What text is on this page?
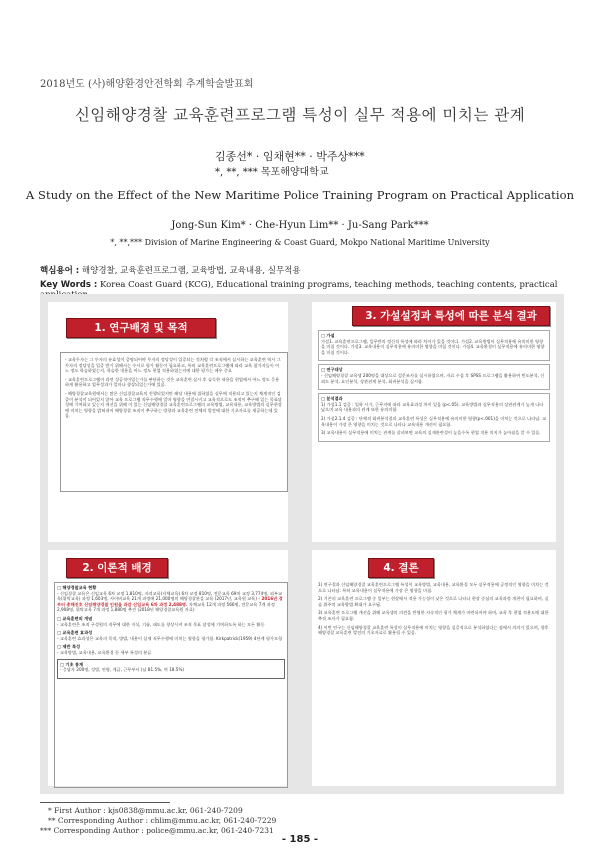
2018년도 (사)해양환경안전학회 추계학술발표회
신임해양경찰 교육훈련프로그램 특성이 실무 적용에 미치는 관계
김종선* · 임채현** · 박주상***
*, **, *** 목포해양대학교
A Study on the Effect of the New Maritime Police Training Program on Practical Application
Jong-Sun Kim* · Che-Hyun Lim** · Ju-Sang Park***
*, **,*** Division of Marine Engineering & Coast Guard, Mokpo National Maritime University
핵심용어 : 해양경찰, 교육훈련프로그램, 교육방법, 교육내용, 실무적용
Key Words : Korea Coast Guard (KCG), Educational training programs, teaching methods, teaching contents, practical
1. 연구배경 및 목적

- 교육투자는 그 투자의 유효성이 증명되어야 투자의 정당성이 입증되는 것처럼 각 조직에서 실시하는 교육훈련 역시 그 투자의 정당성을 입증 받기 위해서는 수시로 평가 활동이 필요하고, 특히 교육훈련프로그램에 따라 교육 참가자들이 어느 정도 학습하였는지, 학습한 내용을 어느 정도 현업 적용하였는지에 대한 평가는 매우 중요

- 교육훈련프로그램이 과연 성공적이었는가를 판단하는 것은 교육훈련 실시 후 습득한 내용을 현업에서 어느 정도 응용하게 활용하고 업무성과가 얼마나 향상되었는가에 있음.

- 해양경찰교육원에서는 많은 신임경찰교육의 진행되었지만 해당 내용에 접하였을 실무에 적용되고 있는지 체계적인 검증이 분석이 되어있지 않아 교육 프로그램 직무수행에 얼마 영향을 연결시키고 교육적으로도 조직이 추구해 있는 목표달성에 기여하고 있는지 개선을 위해 이 있는 신임해양경찰 교육훈련프로그램의 교육방법, 교육내용, 교육방법의 실무현장에 미치는 영향을 밝혀내어 해양경찰 조직이 추구하는 방향과 교육훈련 전체의 발전에 대한 기초자료를 제공하는데 있음.

3. 가설설정과 특성에 따른 분석 결과
□ 가설

가설1. 교육훈련프로그램, 일무반의 정신적 특성에 따라 차이가 있을 것이다. 가설2. 교육방법이 실무적용에 유의미한 영향을 미칠 것이다. 가설3. 교육내용이 실무적용에 유의미한 영향을 미칠 것이다. 가설4. 교육환경이 실무적용에 유의미한 영향을 미칠 것이다.

□ 연구대상

- 신임해양경찰 교육생 200명을 대상으로 설문조사를 실시하였으며, 자료 수집 후 SPSS 프로그램을 활용하여 빈도분석, 신뢰도 분석, 요인분석, 상관관계 분석, 회귀분석을 실시함.

□ 분석결과

1) 가설1.1 검증 : 입학 시기, 근무지에 따라 교육효과성 차이 있음 (p<.05). 교육방법과 실무적용의 상관관계가 높게 나타났으며 교육 내용과의 관계 또한 유의미함.

2) 가설2.1.4 검증 : 단체적 회귀분석결과 교육훈련 특성은 실무적용에 유의미한 영향(p<.001)을 미치는 것으로 나타남. 교육내용이 가장 큰 영향을 미치는 것으로 나타나 교육내용 개선이 필요함.

3) 교육내용이 실무적용에 미치는 관계를 살펴보면 교육의 실제관련성이 높을수록 현업 적용 의지가 높아짐을 알 수 있음.

2. 이론적 배경
□ 해양경찰교육 현황

- 신임경찰 교육은 신임교육 6차 교정 1,810명, 자격교육(자체교육) 6차 교정 810명, 전문교육 69차 교정 3,774명, 외부교육(위탁교육) 과정 1,603명, 사이버교육 21개 과정에 21,000명의 해양경찰관을 교육 (2017년, 교육원 교육) - 2016년 경부터 총해진호 신임해양경찰 인원을 과감 신입교육 6차 과정 2,488명. 자체교육 12개 과정 566명, 전문교육 7개 과정 2,908명, 위탁교육 7개 과정 1,880명 추진 (2018년 해양경찰교육원 자료)

□ 교육훈련의 개념

- 교육훈련은 조직 구성원의 직무에 대한 지식, 기술, 태도를 향상시켜 조직 목표 달성에 기여하도록 하는 모든 활동

□ 교육훈련 효과성

- 교육훈련 효과성은 교육의 목적, 방법, 내용이 실제 직무수행에 미치는 영향을 평가함. Kirkpatrick(1959) 4단계 평가모형

□ 제반 특성

- 교육방법, 교육내용, 교육환경 등 세부 특성의 분류

□ 기초 통계

- 응답자 200명, 성별, 연령, 계급, 근무부서 (남 81.5%, 여 18.5%)

4. 결론

1) 연구결과 신임해양경찰 교육훈련프로그램 특성이 교육방법, 교육내용, 교육환경 모두 실무적용에 긍정적인 영향을 미치는 것으로 나타남. 특히 교육내용이 실무적용에 가장 큰 영향을 미침.

2) 기존의 교육훈련 프로그램 중 일부는 현장에서 적용 가능성이 낮은 것으로 나타나 현장 중심의 교육과정 개편이 필요하며, 실습 위주의 교육방법 확대가 요구됨.

3) 교육훈련 프로그램 개선을 위해 교육생의 의견을 반영한 지속적인 평가 체계가 마련되어야 하며, 교육 후 현업 적용도에 대한 추적 조사가 필요함.

4) 이번 연구는 신임해양경찰 교육훈련 특성이 실무적용에 미치는 영향을 실증적으로 분석하였다는 점에서 의의가 있으며, 향후 해양경찰 교육훈련 발전의 기초자료로 활용될 수 있음.

* First Author : kjs0838@mmu.ac.kr, 061-240-7209
** Corresponding Author : chlim@mmu.ac.kr, 061-240-7229
*** Corresponding Author : police@mmu.ac.kr, 061-240-7231
- 185 -
